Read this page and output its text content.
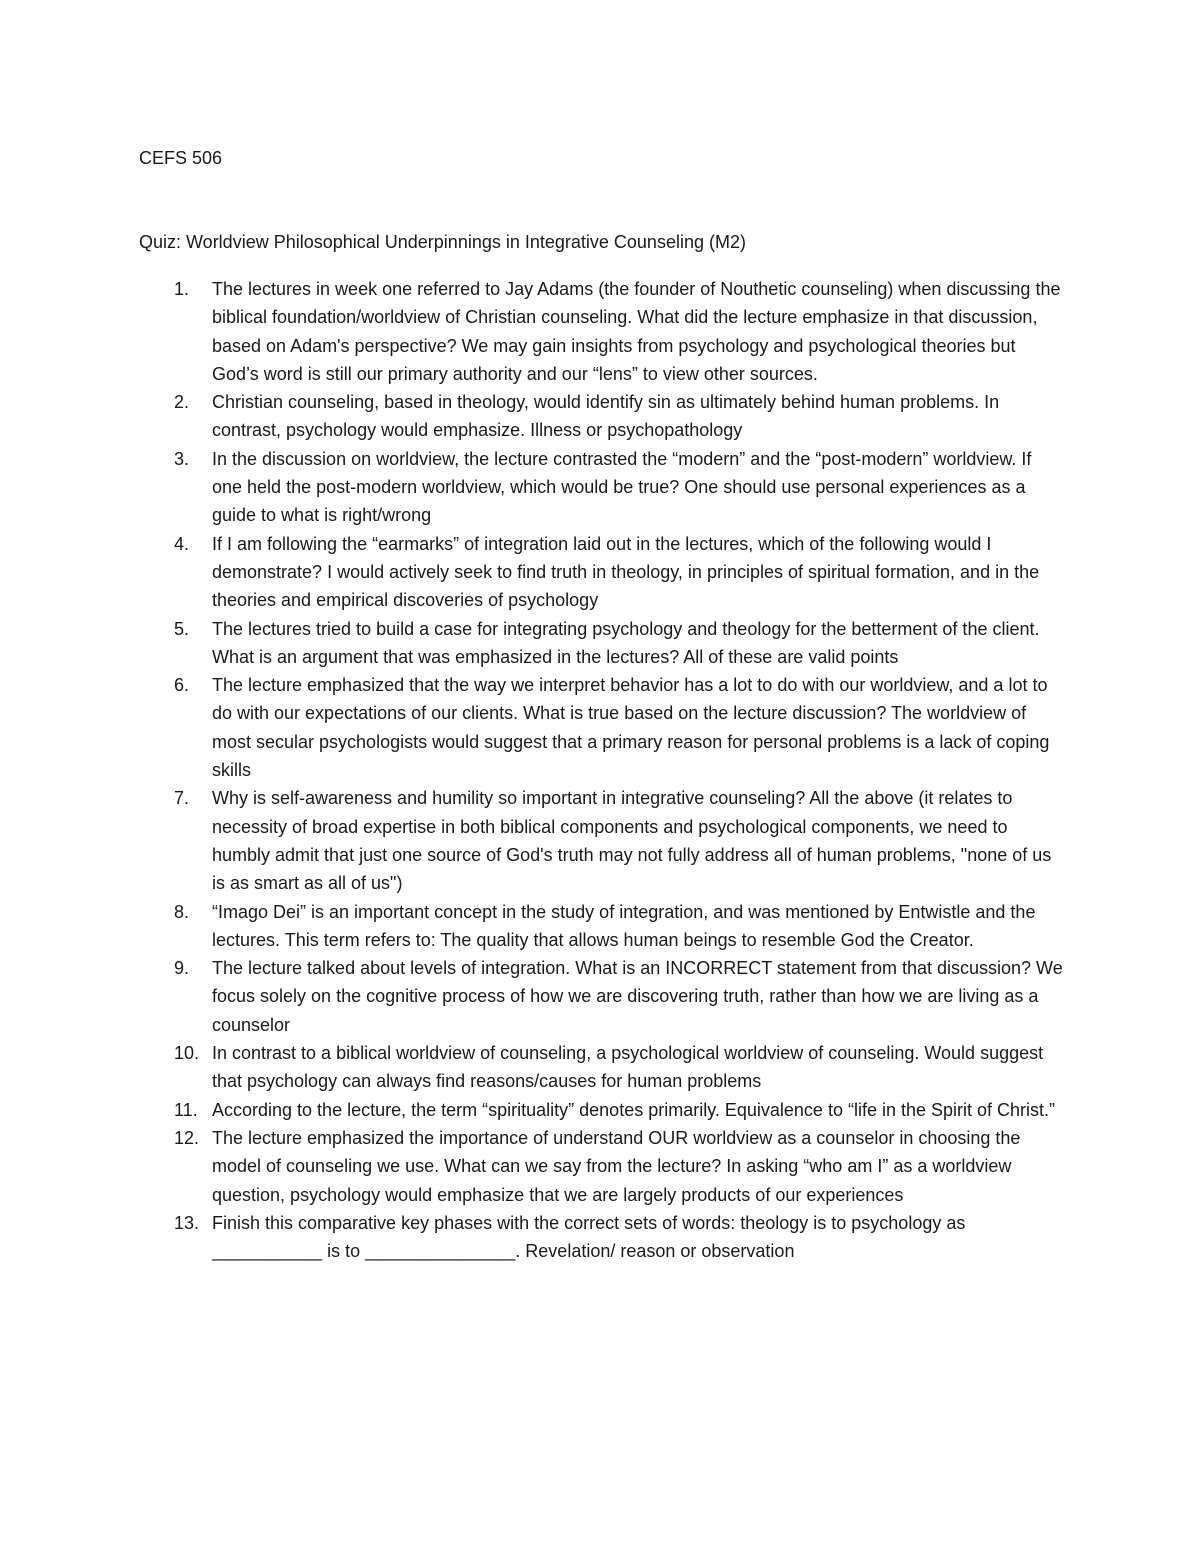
CEFS 506

Quiz: Worldview Philosophical Underpinnings in Integrative Counseling (M2)

1.	The lectures in week one referred to Jay Adams (the founder of Nouthetic counseling) when discussing the biblical foundation/worldview of Christian counseling. What did the lecture emphasize in that discussion, based on Adam's perspective? We may gain insights from psychology and psychological theories but God’s word is still our primary authority and our “lens” to view other sources.
2.	Christian counseling, based in theology, would identify sin as ultimately behind human problems. In contrast, psychology would emphasize. Illness or psychopathology
3.	In the discussion on worldview, the lecture contrasted the “modern” and the “post-modern” worldview. If one held the post-modern worldview, which would be true? One should use personal experiences as a guide to what is right/wrong
4.	If I am following the “earmarks” of integration laid out in the lectures, which of the following would I demonstrate? I would actively seek to find truth in theology, in principles of spiritual formation, and in the theories and empirical discoveries of psychology
5.	The lectures tried to build a case for integrating psychology and theology for the betterment of the client. What is an argument that was emphasized in the lectures? All of these are valid points
6.	The lecture emphasized that the way we interpret behavior has a lot to do with our worldview, and a lot to do with our expectations of our clients. What is true based on the lecture discussion? The worldview of most secular psychologists would suggest that a primary reason for personal problems is a lack of coping skills
7.	Why is self-awareness and humility so important in integrative counseling? All the above (it relates to necessity of broad expertise in both biblical components and psychological components, we need to humbly admit that just one source of God's truth may not fully address all of human problems, "none of us is as smart as all of us")
8.	“Imago Dei” is an important concept in the study of integration, and was mentioned by Entwistle and the lectures. This term refers to: The quality that allows human beings to resemble God the Creator.
9.	The lecture talked about levels of integration. What is an INCORRECT statement from that discussion? We focus solely on the cognitive process of how we are discovering truth, rather than how we are living as a counselor
10. In contrast to a biblical worldview of counseling, a psychological worldview of counseling. Would suggest that psychology can always find reasons/causes for human problems
11. According to the lecture, the term “spirituality” denotes primarily. Equivalence to “life in the Spirit of Christ.”
12. The lecture emphasized the importance of understand OUR worldview as a counselor in choosing the model of counseling we use. What can we say from the lecture? In asking “who am I” as a worldview question, psychology would emphasize that we are largely products of our experiences
13. Finish this comparative key phases with the correct sets of words: theology is to psychology as ___________ is to _______________. Revelation/ reason or observation
